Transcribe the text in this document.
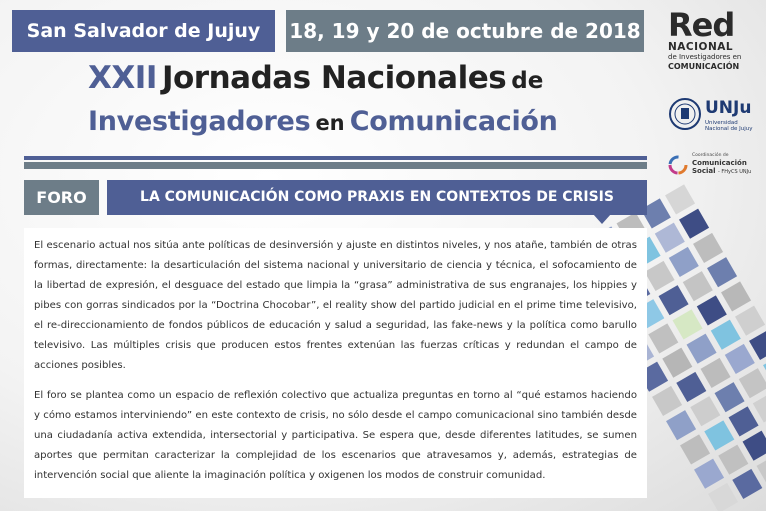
San Salvador de Jujuy	18, 19 y 20 de octubre de 2018
XXII Jornadas Nacionales de
Investigadores en Comunicación
FORO	LA COMUNICACIÓN COMO PRAXIS EN CONTEXTOS DE CRISIS

El escenario actual nos sitúa ante políticas de desinversión y ajuste en distintos niveles, y nos atañe, también de otras formas, directamente: la desarticulación del sistema nacional y universitario de ciencia y técnica, el sofocamiento de la libertad de expresión, el desguace del estado que limpia la “grasa” administrativa de sus engranajes, los hippies y pibes con gorras sindicados por la “Doctrina Chocobar”, el reality show del partido judicial en el prime time televisivo, el re-direccionamiento de fondos públicos de educación y salud a seguridad, las fake-news y la política como barullo televisivo. Las múltiples crisis que producen estos frentes extenúan las fuerzas críticas y redundan el campo de acciones posibles.

El foro se plantea como un espacio de reflexión colectivo que actualiza preguntas en torno al “qué estamos haciendo y cómo estamos interviniendo” en este contexto de crisis, no sólo desde el campo comunicacional sino también desde una ciudadanía activa extendida, intersectorial y participativa. Se espera que, desde diferentes latitudes, se sumen aportes que permitan caracterizar la complejidad de los escenarios que atravesamos y, además, estrategias de intervención social que aliente la imaginación política y oxigenen los modos de construir comunidad.

Red
NACIONAL
de Investigadores en
COMUNICACIÓN
UNJu
Universidad
Nacional de Jujuy
Coordinación de
Comunicación
Social - FHyCS UNJu
